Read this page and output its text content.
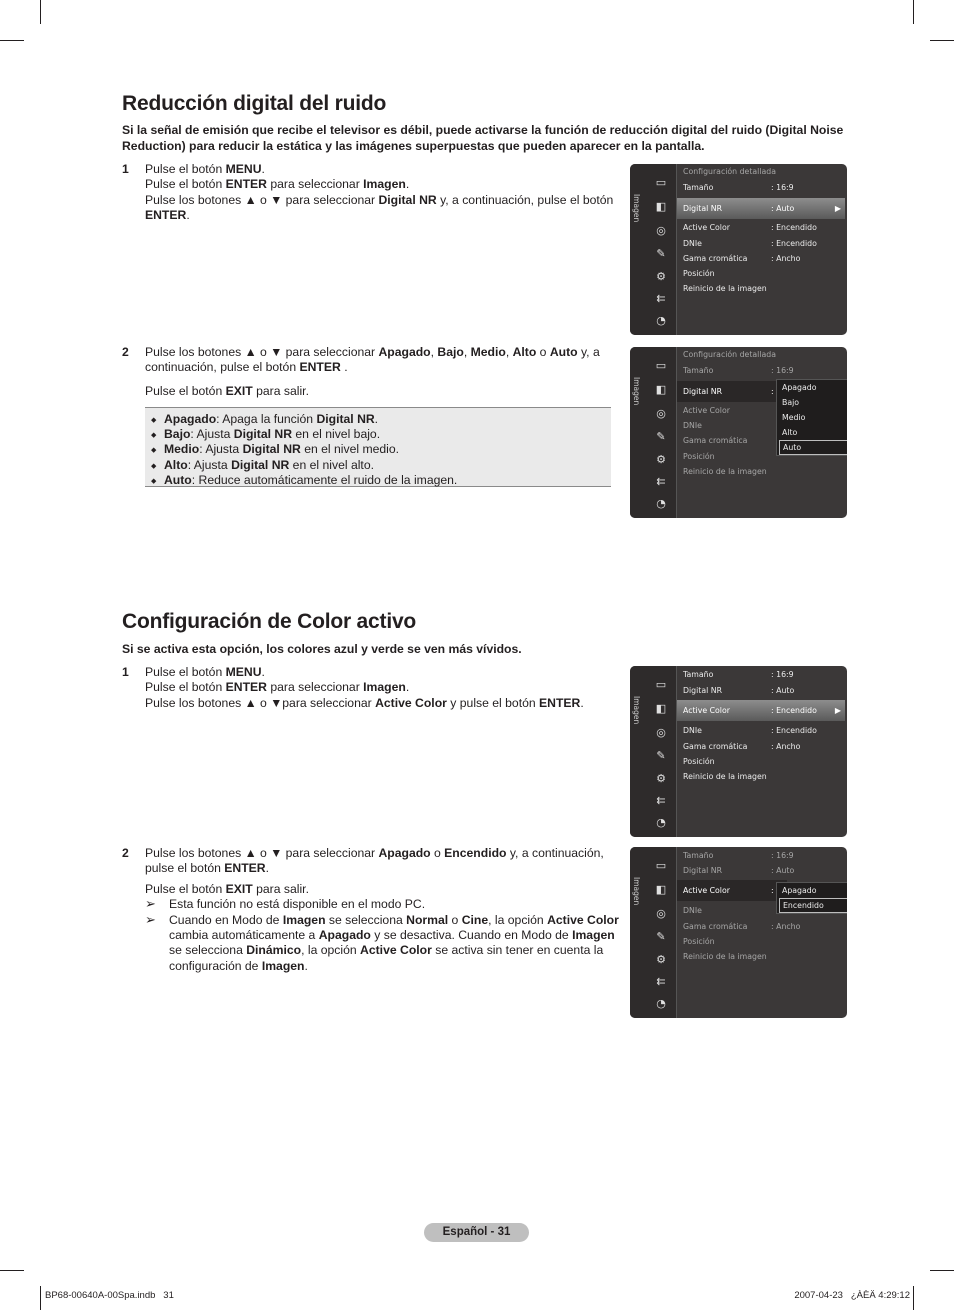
Reducción digital del ruido

Si la señal de emisión que recibe el televisor es débil, puede activarse la función de reducción digital del ruido (Digital Noise Reduction) para reducir la estática y las imágenes superpuestas que pueden aparecer en la pantalla.

1 Pulse el botón MENU.
Pulse el botón ENTER para seleccionar Imagen.
Pulse los botones ▲ o ▼ para seleccionar Digital NR y, a continuación, pulse el botón ENTER.
2 Pulse los botones ▲ o ▼ para seleccionar Apagado, Bajo, Medio, Alto o Auto y, a continuación, pulse el botón ENTER .
Pulse el botón EXIT para salir.
◆ Apagado: Apaga la función Digital NR.
◆ Bajo: Ajusta Digital NR en el nivel bajo.
◆ Medio: Ajusta Digital NR en el nivel medio.
◆ Alto: Ajusta Digital NR en el nivel alto.
◆ Auto: Reduce automáticamente el ruido de la imagen.
Imagen
▭
◧
◎
✎
⚙
⇇
◔
Configuración detallada
Tamaño	: 16:9
Digital NR	: Auto	▶
Active Color	: Encendido
DNIe	: Encendido
Gama cromática	: Ancho
Posición
Reinicio de la imagen
Imagen
▭
◧
◎
✎
⚙
⇇
◔
Configuración detallada
Tamaño	: 16:9
Digital NR	:
Active Color
DNIe
Gama cromática
Posición
Reinicio de la imagen
Apagado
Bajo
Medio
Alto
Auto
Configuración de Color activo

Si se activa esta opción, los colores azul y verde se ven más vívidos.

1 Pulse el botón MENU.
Pulse el botón ENTER para seleccionar Imagen.
Pulse los botones ▲ o ▼para seleccionar Active Color y pulse el botón ENTER.
2 Pulse los botones ▲ o ▼ para seleccionar Apagado o Encendido y, a continuación, pulse el botón ENTER.
Pulse el botón EXIT para salir.
➢ Esta función no está disponible en el modo PC.
➢ Cuando en Modo de Imagen se selecciona Normal o Cine, la opción Active Color cambia automáticamente a Apagado y se desactiva. Cuando en Modo de Imagen se selecciona Dinámico, la opción Active Color se activa sin tener en cuenta la configuración de Imagen.
Imagen
▭
◧
◎
✎
⚙
⇇
◔
Tamaño	: 16:9
Digital NR	: Auto
Active Color	: Encendido ▶
DNIe	: Encendido
Gama cromática	: Ancho
Posición
Reinicio de la imagen
Imagen
▭
◧
◎
✎
⚙
⇇
◔
Tamaño	: 16:9
Digital NR	: Auto
Active Color	:
DNIe
Gama cromática	: Ancho
Posición
Reinicio de la imagen
Apagado
Encendido
Español - 31
BP68-00640A-00Spa.indb   31	2007-04-23   ¿ÀÈÄ 4:29:12
